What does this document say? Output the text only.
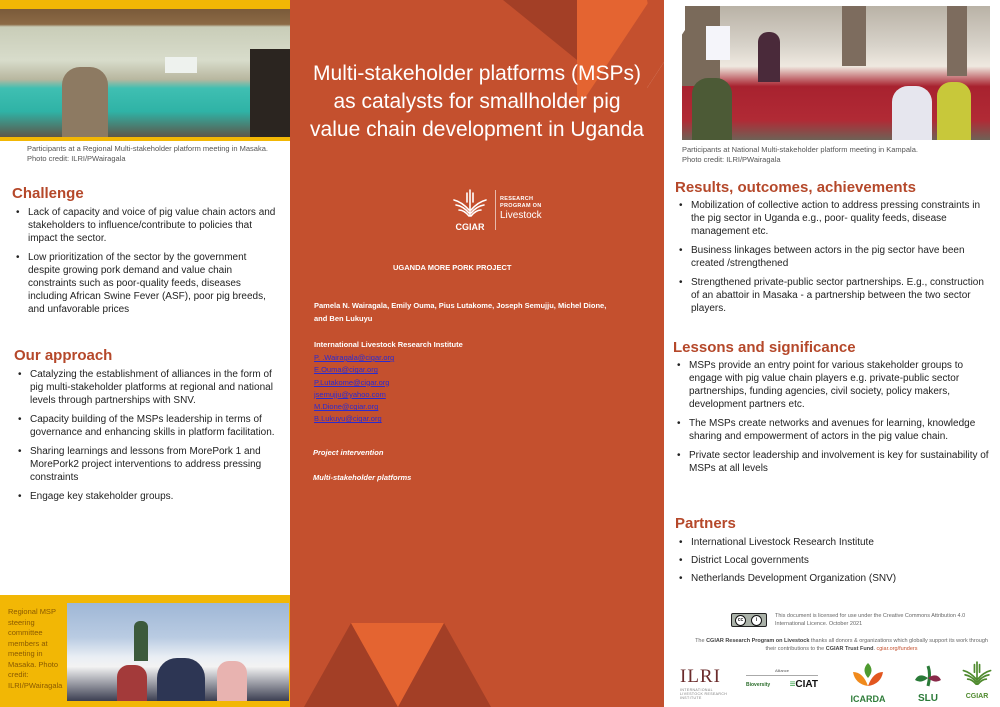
Participants at a Regional Multi-stakeholder platform meeting in Masaka. Photo credit: ILRI/PWairagala
Challenge
• Lack of capacity and voice of pig value chain actors and stakeholders to influence/contribute to policies that impact the sector.
• Low prioritization of the sector by the government despite growing pork demand and value chain constraints such as poor-quality feeds, diseases including African Swine Fever (ASF), poor pig breeds, and unfavorable prices
Our approach
• Catalyzing the establishment of alliances in the form of pig multi-stakeholder platforms at regional and national levels through partnerships with SNV.
• Capacity building of the MSPs leadership in terms of governance and enhancing skills in platform facilitation.
• Sharing learnings and lessons from MorePork 1 and MorePork2 project interventions to address pressing constraints
• Engage key stakeholder groups.
Regional MSP steering committee members at meeting in Masaka. Photo credit: ILRI/PWairagala
Multi-stakeholder platforms (MSPs) as catalysts for smallholder pig value chain development in Uganda
CGIAR
RESEARCH
PROGRAM ON
Livestock
UGANDA MORE PORK PROJECT
Pamela N. Wairagala, Emily Ouma, Pius Lutakome, Joseph Semujju, Michel Dione, and Ben Lukuyu
International Livestock Research Institute
P. .Wairagala@cigar.org
E.Ouma@cigar.org
P.Lutakome@cigar.org
jsemujju@yahoo.com
M.Dione@cgiar.org
B.Lukuyu@cigar.org
Project intervention
Multi-stakeholder platforms
Participants at National Multi-stakeholder platform meeting in Kampala. Photo credit: ILRI/PWairagala
Results, outcomes, achievements
• Mobilization of collective action to address pressing constraints in the pig sector in Uganda e.g., poor- quality feeds, disease management etc.
• Business linkages between actors in the pig sector have been created /strengthened
• Strengthened private-public sector partnerships. E.g., construction of an abattoir in Masaka - a partnership between the two sector players.
Lessons and significance
• MSPs provide an entry point for various stakeholder groups to engage with pig value chain players e.g. private-public sector partnerships, funding agencies, civil society, policy makers, development partners etc.
• The MSPs create networks and avenues for learning, knowledge sharing and empowerment of actors in the pig value chain.
• Private sector leadership and involvement is key for sustainability of MSPs at all levels
Partners
• International Livestock Research Institute
• District Local governments
• Netherlands Development Organization (SNV)
cc	i
This document is licensed for use under the Creative Commons Attribution 4.0 International Licence. October 2021
The CGIAR Research Program on Livestock thanks all donors & organizations which globally support its work through their contributions to the CGIAR Trust Fund. cgiar.org/funders
ILRI
INTERNATIONAL LIVESTOCK RESEARCH INSTITUTE
Alliance
Bioversity ≡CIAT
ICARDA	SLU	CGIAR
